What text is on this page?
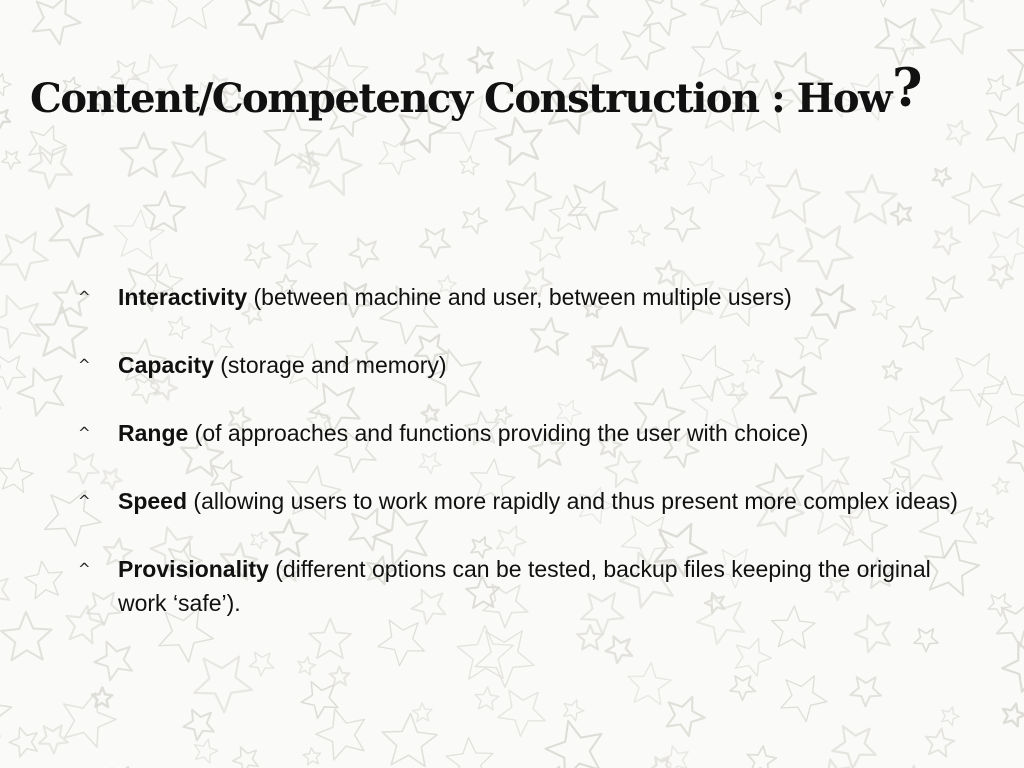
Content/Competency Construction : How?
^ Interactivity (between machine and user, between multiple users)
^ Capacity (storage and memory)
^ Range (of approaches and functions providing the user with choice)
^ Speed (allowing users to work more rapidly and thus present more complex ideas)
^ Provisionality (different options can be tested, backup files keeping the original work ‘safe’).
